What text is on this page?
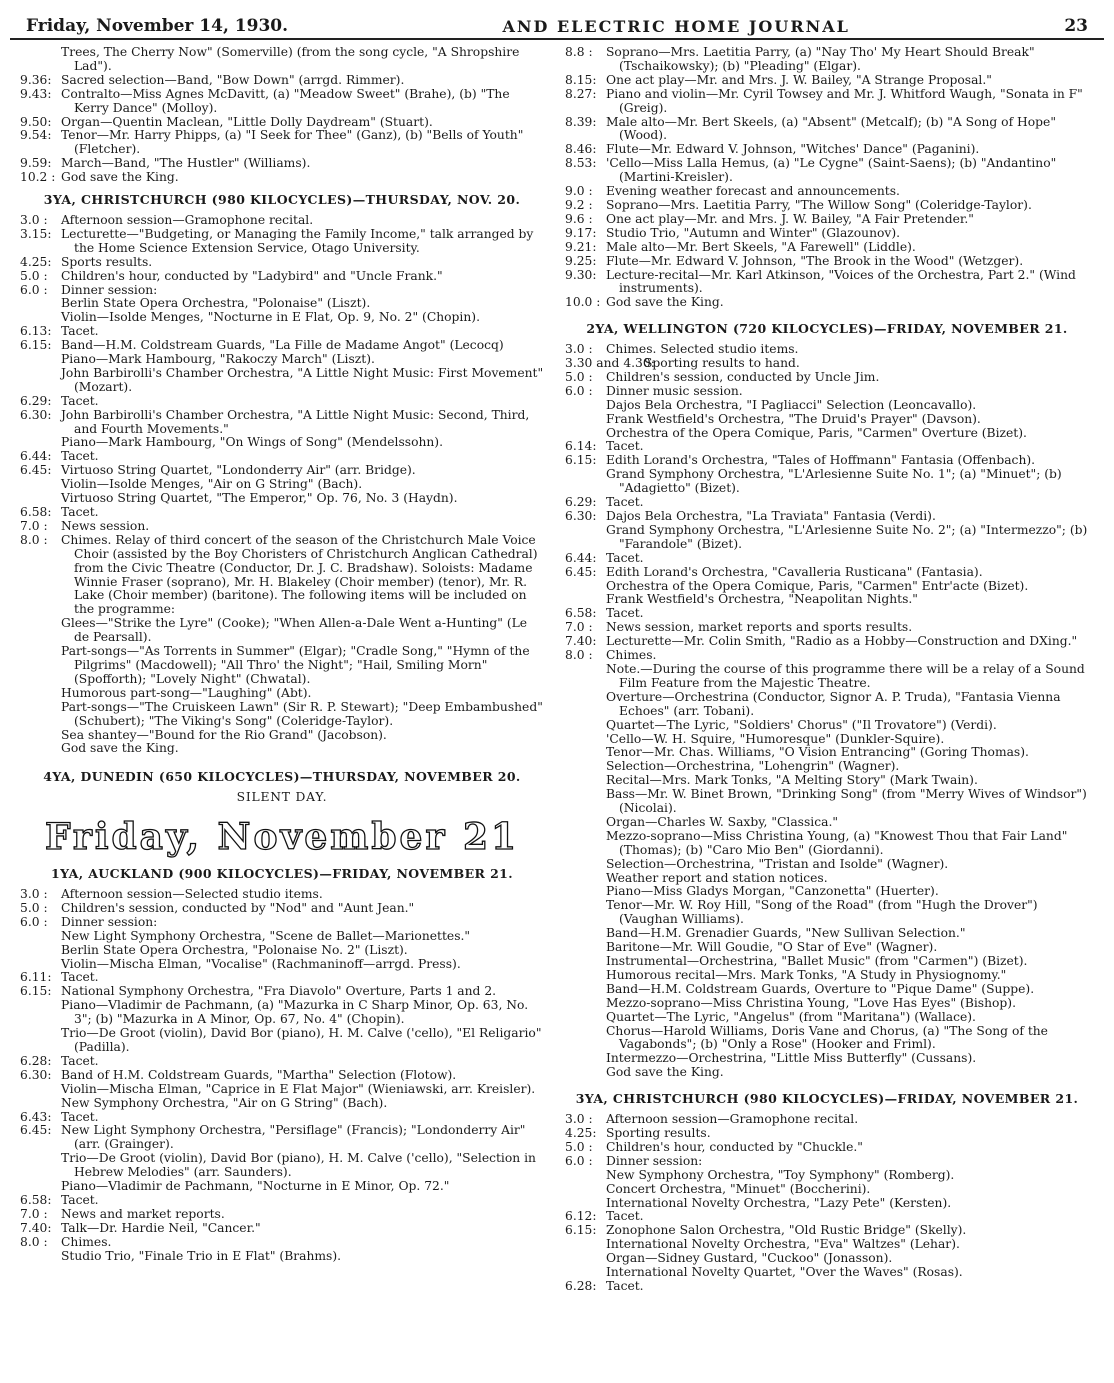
Friday, November 14, 1930.	AND ELECTRIC HOME JOURNAL	23
Trees, The Cherry Now" (Somerville) (from the song cycle, "A Shropshire Lad").
9.36: Sacred selection—Band, "Bow Down" (arrgd. Rimmer).
9.43: Contralto—Miss Agnes McDavitt, (a) "Meadow Sweet" (Brahe), (b) "The Kerry Dance" (Molloy).
9.50: Organ—Quentin Maclean, "Little Dolly Daydream" (Stuart).
9.54: Tenor—Mr. Harry Phipps, (a) "I Seek for Thee" (Ganz), (b) "Bells of Youth" (Fletcher).
9.59: March—Band, "The Hustler" (Williams).
10.2 : God save the King.
3YA, CHRISTCHURCH (980 KILOCYCLES)—THURSDAY, NOV. 20.
3.0 :	Afternoon session—Gramophone recital.
3.15: Lecturette—"Budgeting, or Managing the Family Income," talk arranged by the Home Science Extension Service, Otago University.
4.25: Sports results.
5.0 :	Children's hour, conducted by "Ladybird" and "Uncle Frank."
6.0 :	Dinner session:
Berlin State Opera Orchestra, "Polonaise" (Liszt).
Violin—Isolde Menges, "Nocturne in E Flat, Op. 9, No. 2" (Chopin).
6.13: Tacet.
6.15: Band—H.M. Coldstream Guards, "La Fille de Madame Angot" (Lecocq)
Piano—Mark Hambourg, "Rakoczy March" (Liszt).
John Barbirolli's Chamber Orchestra, "A Little Night Music: First Movement" (Mozart).
6.29: Tacet.
6.30: John Barbirolli's Chamber Orchestra, "A Little Night Music: Second, Third, and Fourth Movements."
Piano—Mark Hambourg, "On Wings of Song" (Mendelssohn).
6.44: Tacet.
6.45: Virtuoso String Quartet, "Londonderry Air" (arr. Bridge).
Violin—Isolde Menges, "Air on G String" (Bach).
Virtuoso String Quartet, "The Emperor," Op. 76, No. 3 (Haydn).
6.58: Tacet.
7.0 :	News session.
8.0 :	Chimes. Relay of third concert of the season of the Christchurch Male Voice Choir (assisted by the Boy Choristers of Christchurch Anglican Cathedral) from the Civic Theatre (Conductor, Dr. J. C. Bradshaw). Soloists: Madame Winnie Fraser (soprano), Mr. H. Blakeley (Choir member) (tenor), Mr. R. Lake (Choir member) (baritone). The following items will be included on the programme:
Glees—"Strike the Lyre" (Cooke); "When Allen-a-Dale Went a-Hunting" (Le de Pearsall).
Part-songs—"As Torrents in Summer" (Elgar); "Cradle Song," "Hymn of the Pilgrims" (Macdowell); "All Thro' the Night"; "Hail, Smiling Morn" (Spofforth); "Lovely Night" (Chwatal).
Humorous part-song—"Laughing" (Abt).
Part-songs—"The Cruiskeen Lawn" (Sir R. P. Stewart); "Deep Embambushed" (Schubert); "The Viking's Song" (Coleridge-Taylor).
Sea shantey—"Bound for the Rio Grand" (Jacobson).
God save the King.
4YA, DUNEDIN (650 KILOCYCLES)—THURSDAY, NOVEMBER 20.
SILENT DAY.
Friday, November 21
1YA, AUCKLAND (900 KILOCYCLES)—FRIDAY, NOVEMBER 21.
3.0 :	Afternoon session—Selected studio items.
5.0 :	Children's session, conducted by "Nod" and "Aunt Jean."
6.0 :	Dinner session:
New Light Symphony Orchestra, "Scene de Ballet—Marionettes."
Berlin State Opera Orchestra, "Polonaise No. 2" (Liszt).
Violin—Mischa Elman, "Vocalise" (Rachmaninoff—arrgd. Press).
6.11: Tacet.
6.15: National Symphony Orchestra, "Fra Diavolo" Overture, Parts 1 and 2.
Piano—Vladimir de Pachmann, (a) "Mazurka in C Sharp Minor, Op. 63, No. 3"; (b) "Mazurka in A Minor, Op. 67, No. 4" (Chopin).
Trio—De Groot (violin), David Bor (piano), H. M. Calve ('cello), "El Religario" (Padilla).
6.28: Tacet.
6.30: Band of H.M. Coldstream Guards, "Martha" Selection (Flotow).
Violin—Mischa Elman, "Caprice in E Flat Major" (Wieniawski, arr. Kreisler).
New Symphony Orchestra, "Air on G String" (Bach).
6.43: Tacet.
6.45: New Light Symphony Orchestra, "Persiflage" (Francis); "Londonderry Air" (arr. (Grainger).
Trio—De Groot (violin), David Bor (piano), H. M. Calve ('cello), "Selection in Hebrew Melodies" (arr. Saunders).
Piano—Vladimir de Pachmann, "Nocturne in E Minor, Op. 72."
6.58: Tacet.
7.0 :	News and market reports.
7.40: Talk—Dr. Hardie Neil, "Cancer."
8.0 :	Chimes.
Studio Trio, "Finale Trio in E Flat" (Brahms).
8.8 :	Soprano—Mrs. Laetitia Parry, (a) "Nay Tho' My Heart Should Break" (Tschaikowsky); (b) "Pleading" (Elgar).
8.15: One act play—Mr. and Mrs. J. W. Bailey, "A Strange Proposal."
8.27: Piano and violin—Mr. Cyril Towsey and Mr. J. Whitford Waugh, "Sonata in F" (Greig).
8.39: Male alto—Mr. Bert Skeels, (a) "Absent" (Metcalf); (b) "A Song of Hope" (Wood).
8.46: Flute—Mr. Edward V. Johnson, "Witches' Dance" (Paganini).
8.53: 'Cello—Miss Lalla Hemus, (a) "Le Cygne" (Saint-Saens); (b) "Andantino" (Martini-Kreisler).
9.0 :	Evening weather forecast and announcements.
9.2 :	Soprano—Mrs. Laetitia Parry, "The Willow Song" (Coleridge-Taylor).
9.6 :	One act play—Mr. and Mrs. J. W. Bailey, "A Fair Pretender."
9.17: Studio Trio, "Autumn and Winter" (Glazounov).
9.21: Male alto—Mr. Bert Skeels, "A Farewell" (Liddle).
9.25: Flute—Mr. Edward V. Johnson, "The Brook in the Wood" (Wetzger).
9.30: Lecture-recital—Mr. Karl Atkinson, "Voices of the Orchestra, Part 2." (Wind instruments).
10.0 : God save the King.
2YA, WELLINGTON (720 KILOCYCLES)—FRIDAY, NOVEMBER 21.
3.0 :	Chimes. Selected studio items.
3.30 and 4.30:
Sporting results to hand.
5.0 :	Children's session, conducted by Uncle Jim.
6.0 :	Dinner music session.
Dajos Bela Orchestra, "I Pagliacci" Selection (Leoncavallo).
Frank Westfield's Orchestra, "The Druid's Prayer" (Davson).
Orchestra of the Opera Comique, Paris, "Carmen" Overture (Bizet).
6.14: Tacet.
6.15: Edith Lorand's Orchestra, "Tales of Hoffmann" Fantasia (Offenbach).
Grand Symphony Orchestra, "L'Arlesienne Suite No. 1"; (a) "Minuet"; (b) "Adagietto" (Bizet).
6.29: Tacet.
6.30: Dajos Bela Orchestra, "La Traviata" Fantasia (Verdi).
Grand Symphony Orchestra, "L'Arlesienne Suite No. 2"; (a) "Intermezzo"; (b) "Farandole" (Bizet).
6.44: Tacet.
6.45: Edith Lorand's Orchestra, "Cavalleria Rusticana" (Fantasia).
Orchestra of the Opera Comique, Paris, "Carmen" Entr'acte (Bizet).
Frank Westfield's Orchestra, "Neapolitan Nights."
6.58: Tacet.
7.0 :	News session, market reports and sports results.
7.40: Lecturette—Mr. Colin Smith, "Radio as a Hobby—Construction and DXing."
8.0 :	Chimes.
Note.—During the course of this programme there will be a relay of a Sound Film Feature from the Majestic Theatre.
Overture—Orchestrina (Conductor, Signor A. P. Truda), "Fantasia Vienna Echoes" (arr. Tobani).
Quartet—The Lyric, "Soldiers' Chorus" ("Il Trovatore") (Verdi).
'Cello—W. H. Squire, "Humoresque" (Dunkler-Squire).
Tenor—Mr. Chas. Williams, "O Vision Entrancing" (Goring Thomas).
Selection—Orchestrina, "Lohengrin" (Wagner).
Recital—Mrs. Mark Tonks, "A Melting Story" (Mark Twain).
Bass—Mr. W. Binet Brown, "Drinking Song" (from "Merry Wives of Windsor") (Nicolai).
Organ—Charles W. Saxby, "Classica."
Mezzo-soprano—Miss Christina Young, (a) "Knowest Thou that Fair Land" (Thomas); (b) "Caro Mio Ben" (Giordanni).
Selection—Orchestrina, "Tristan and Isolde" (Wagner).
Weather report and station notices.
Piano—Miss Gladys Morgan, "Canzonetta" (Huerter).
Tenor—Mr. W. Roy Hill, "Song of the Road" (from "Hugh the Drover") (Vaughan Williams).
Band—H.M. Grenadier Guards, "New Sullivan Selection."
Baritone—Mr. Will Goudie, "O Star of Eve" (Wagner).
Instrumental—Orchestrina, "Ballet Music" (from "Carmen") (Bizet).
Humorous recital—Mrs. Mark Tonks, "A Study in Physiognomy."
Band—H.M. Coldstream Guards, Overture to "Pique Dame" (Suppe).
Mezzo-soprano—Miss Christina Young, "Love Has Eyes" (Bishop).
Quartet—The Lyric, "Angelus" (from "Maritana") (Wallace).
Chorus—Harold Williams, Doris Vane and Chorus, (a) "The Song of the Vagabonds"; (b) "Only a Rose" (Hooker and Friml).
Intermezzo—Orchestrina, "Little Miss Butterfly" (Cussans).
God save the King.
3YA, CHRISTCHURCH (980 KILOCYCLES)—FRIDAY, NOVEMBER 21.
3.0 :	Afternoon session—Gramophone recital.
4.25: Sporting results.
5.0 :	Children's hour, conducted by "Chuckle."
6.0 :	Dinner session:
New Symphony Orchestra, "Toy Symphony" (Romberg).
Concert Orchestra, "Minuet" (Boccherini).
International Novelty Orchestra, "Lazy Pete" (Kersten).
6.12: Tacet.
6.15: Zonophone Salon Orchestra, "Old Rustic Bridge" (Skelly).
International Novelty Orchestra, "Eva" Waltzes" (Lehar).
Organ—Sidney Gustard, "Cuckoo" (Jonasson).
International Novelty Quartet, "Over the Waves" (Rosas).
6.28: Tacet.
